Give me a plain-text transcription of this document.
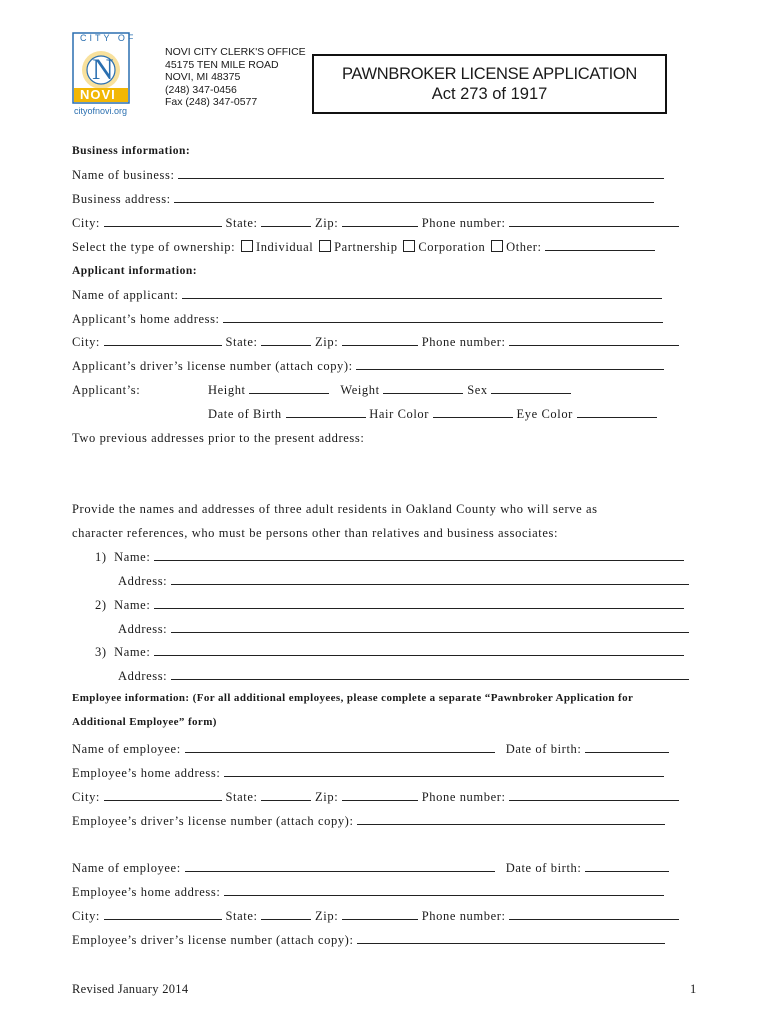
CITY OF
N
NOVI
cityofnovi.org
NOVI CITY CLERK'S OFFICE
45175 TEN MILE ROAD
NOVI, MI 48375
(248) 347-0456
Fax (248) 347-0577
PAWNBROKER LICENSE APPLICATION
Act 273 of 1917
Business information:
Name of business:
Business address:
City:	State:	Zip:	Phone number:
Select the type of ownership: Individual Partnership Corporation Other:
Applicant information:
Name of applicant:
Applicant’s home address:
City:	State:	Zip:	Phone number:
Applicant’s driver’s license number (attach copy):
Applicant’s:	Height	Weight	Sex
Date of Birth	Hair Color	Eye Color
Two previous addresses prior to the present address:
Provide the names and addresses of three adult residents in Oakland County who will serve as
character references, who must be persons other than relatives and business associates:
1) Name:
Address:
2) Name:
Address:
3) Name:
Address:
Employee information: (For all additional employees, please complete a separate “Pawnbroker Application for
Additional Employee” form)
Name of employee:	Date of birth:
Employee’s home address:
City:	State:	Zip:	Phone number:
Employee’s driver’s license number (attach copy):
Name of employee:	Date of birth:
Employee’s home address:
City:	State:	Zip:	Phone number:
Employee’s driver’s license number (attach copy):
Revised January 2014	1
